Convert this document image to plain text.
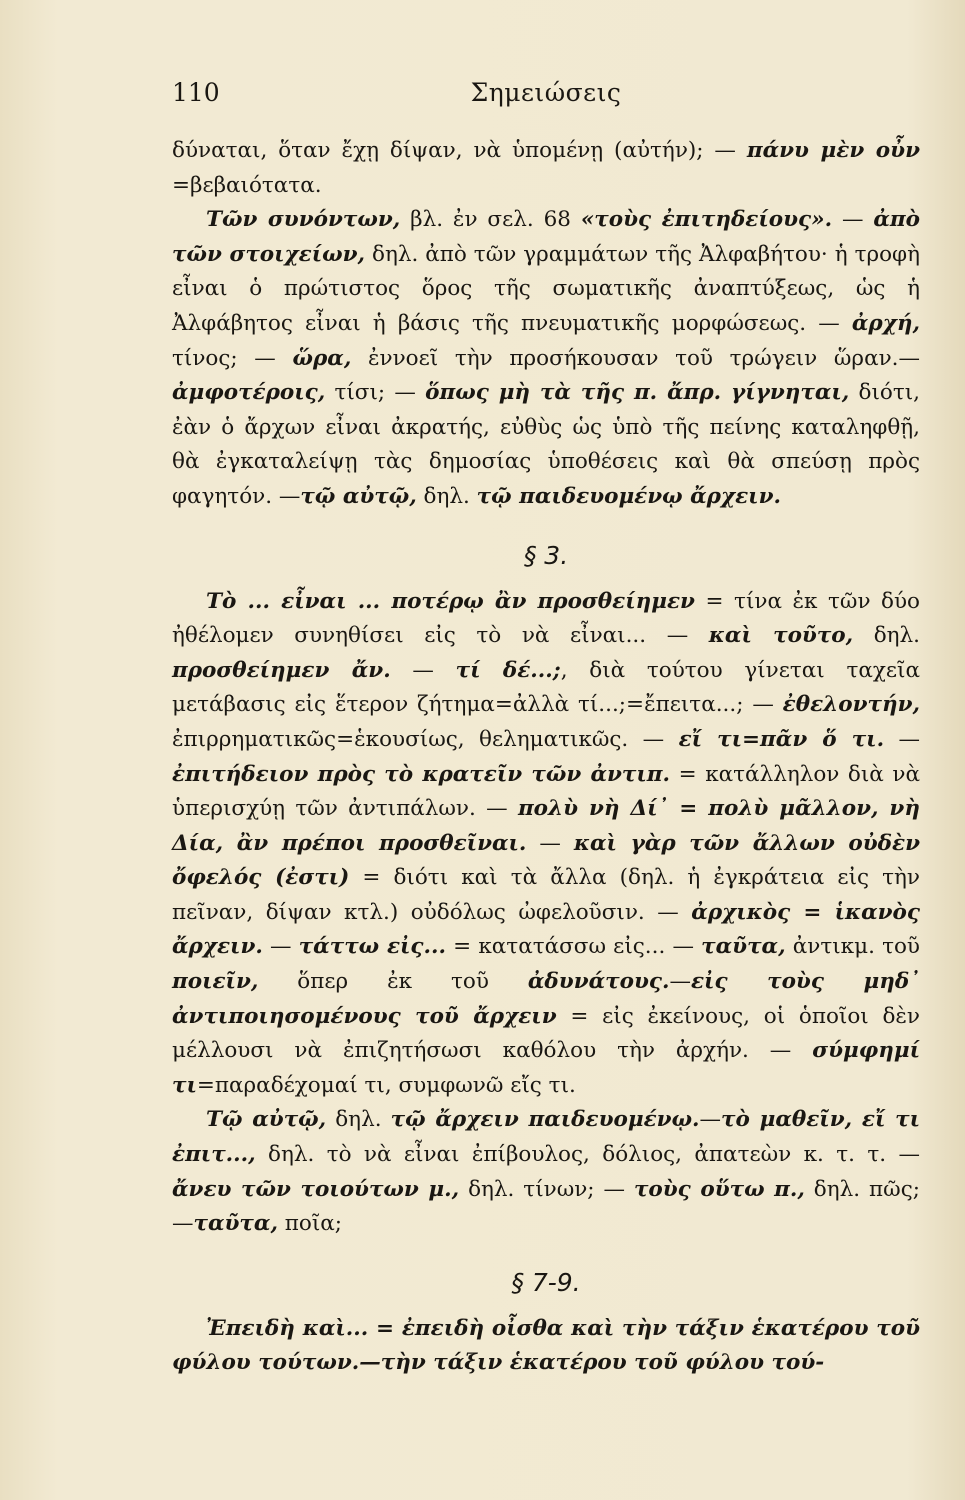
110	Σημειώσεις

δύναται, ὅταν ἔχῃ δίψαν, νὰ ὑπομένῃ (αὐτήν); — πάνυ μὲν οὖν =βεβαιότατα.

Τῶν συνόντων, βλ. ἐν σελ. 68 «τοὺς ἐπιτηδείους». — ἀπὸ τῶν στοιχείων, δηλ. ἀπὸ τῶν γραμμάτων τῆς Ἀλφαβήτου· ἡ τροφὴ εἶναι ὁ πρώτιστος ὅρος τῆς σωματικῆς ἀναπτύξεως, ὡς ἡ Ἀλφάβητος εἶναι ἡ βάσις τῆς πνευματικῆς μορφώσεως. — ἀρχή, τίνος; — ὥρα, ἐννοεῖ τὴν προσήκουσαν τοῦ τρώγειν ὥραν.—ἀμφοτέροις, τίσι; — ὅπως μὴ τὰ τῆς π. ἄπρ. γίγνηται, διότι, ἐὰν ὁ ἄρχων εἶναι ἀκρατής, εὐθὺς ὡς ὑπὸ τῆς πείνης καταληφθῇ, θὰ ἐγκαταλείψῃ τὰς δημοσίας ὑποθέσεις καὶ θὰ σπεύσῃ πρὸς φαγητόν. —τῷ αὐτῷ, δηλ. τῷ παιδευομένῳ ἄρχειν.

§ 3.

Τὸ ... εἶναι ... ποτέρῳ ἂν προσθείημεν = τίνα ἐκ τῶν δύο ἠθέλομεν συνηθίσει εἰς τὸ νὰ εἶναι... — καὶ τοῦτο, δηλ. προσθείημεν ἄν. — τί δέ...;, διὰ τούτου γίνεται ταχεῖα μετάβασις εἰς ἕτερον ζήτημα=ἀλλὰ τί...;=ἔπειτα...; — ἐθελοντήν, ἐπιρρηματικῶς=ἑκουσίως, θεληματικῶς. — εἴ τι=πᾶν ὅ τι. — ἐπιτήδειον πρὸς τὸ κρατεῖν τῶν ἀντιπ. = κατάλληλον διὰ νὰ ὑπερισχύῃ τῶν ἀντιπάλων. — πολὺ νὴ Δί᾽ = πολὺ μᾶλλον, νὴ Δία, ἂν πρέποι προσθεῖναι. — καὶ γὰρ τῶν ἄλλων οὐδὲν ὄφελός (ἐστι) = διότι καὶ τὰ ἄλλα (δηλ. ἡ ἐγκράτεια εἰς τὴν πεῖναν, δίψαν κτλ.) οὐδόλως ὠφελοῦσιν. — ἀρχικὸς = ἱκανὸς ἄρχειν. — τάττω εἰς... = κατατάσσω εἰς... — ταῦτα, ἀντικμ. τοῦ ποιεῖν, ὅπερ ἐκ τοῦ ἀδυνάτους.—εἰς τοὺς μηδ᾽ ἀντιποιησομένους τοῦ ἄρχειν = εἰς ἐκείνους, οἱ ὁποῖοι δὲν μέλλουσι νὰ ἐπιζητήσωσι καθόλου τὴν ἀρχήν. — σύμφημί τι=παραδέχομαί τι, συμφωνῶ εἴς τι.

Τῷ αὐτῷ, δηλ. τῷ ἄρχειν παιδευομένῳ.—τὸ μαθεῖν, εἴ τι ἐπιτ..., δηλ. τὸ νὰ εἶναι ἐπίβουλος, δόλιος, ἀπατεὼν κ. τ. τ. — ἄνευ τῶν τοιούτων μ., δηλ. τίνων; — τοὺς οὕτω π., δηλ. πῶς; —ταῦτα, ποῖα;

§ 7-9.

Ἐπειδὴ καὶ... = ἐπειδὴ οἶσθα καὶ τὴν τάξιν ἑκατέρου τοῦ φύλου τούτων.—τὴν τάξιν ἑκατέρου τοῦ φύλου τού-
